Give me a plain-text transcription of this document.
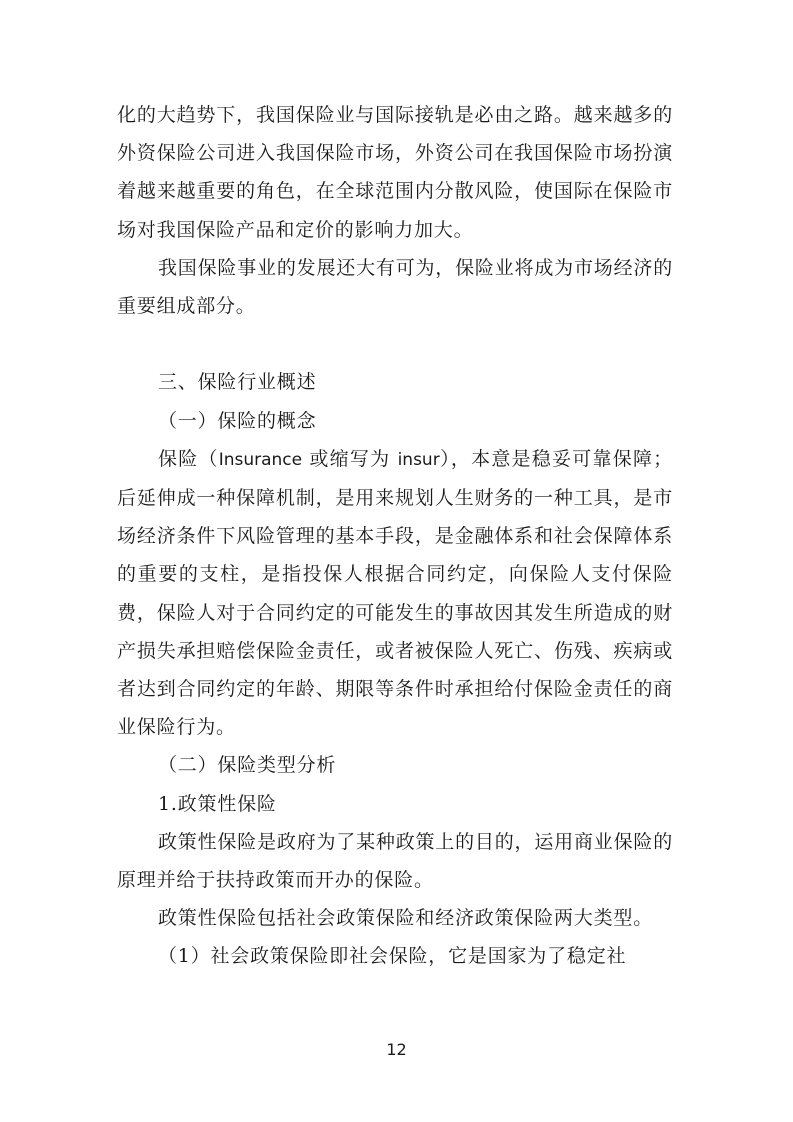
化的大趋势下，我国保险业与国际接轨是必由之路。越来越多的外资保险公司进入我国保险市场，外资公司在我国保险市场扮演着越来越重要的角色，在全球范围内分散风险，使国际在保险市场对我国保险产品和定价的影响力加大。

我国保险事业的发展还大有可为，保险业将成为市场经济的重要组成部分。

三、保险行业概述

（一）保险的概念

保险（Insurance 或缩写为 insur），本意是稳妥可靠保障；后延伸成一种保障机制，是用来规划人生财务的一种工具，是市场经济条件下风险管理的基本手段，是金融体系和社会保障体系的重要的支柱，是指投保人根据合同约定，向保险人支付保险费，保险人对于合同约定的可能发生的事故因其发生所造成的财产损失承担赔偿保险金责任，或者被保险人死亡、伤残、疾病或者达到合同约定的年龄、期限等条件时承担给付保险金责任的商业保险行为。

（二）保险类型分析

1.政策性保险

政策性保险是政府为了某种政策上的目的，运用商业保险的原理并给于扶持政策而开办的保险。

政策性保险包括社会政策保险和经济政策保险两大类型。

（1）社会政策保险即社会保险，它是国家为了稳定社

12
